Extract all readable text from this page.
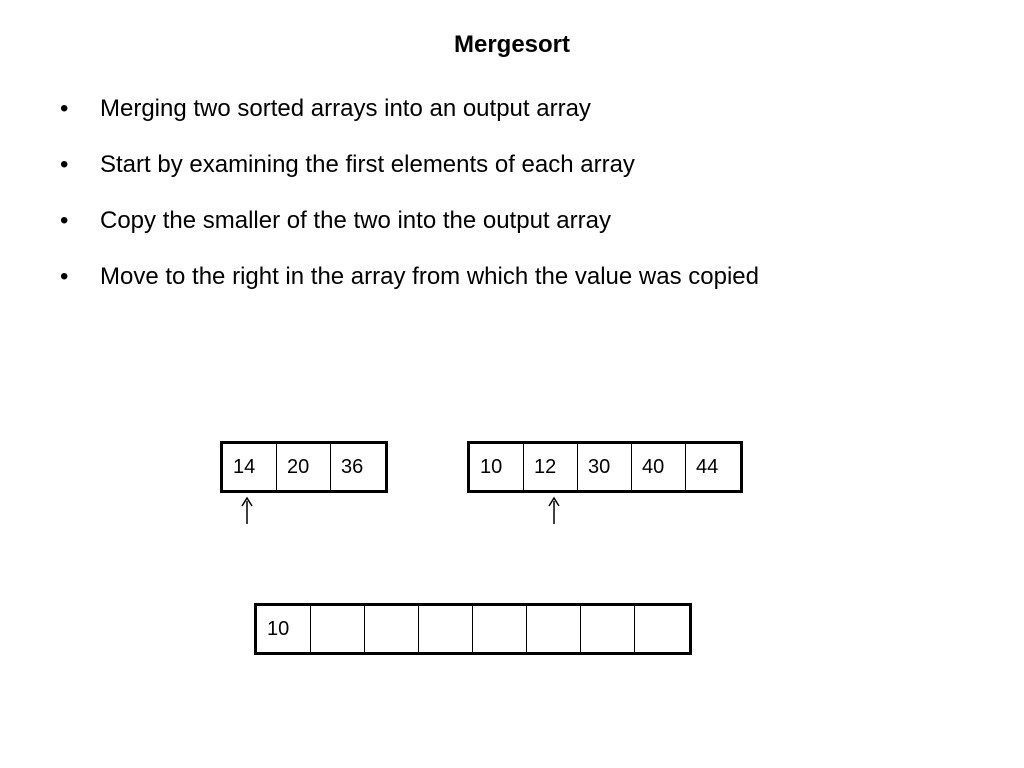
Mergesort
• Merging two sorted arrays into an output array
• Start by examining the first elements of each array
• Copy the smaller of the two into the output array
• Move to the right in the array from which the value was copied
14	20	36	10	12	30	40	44
10
